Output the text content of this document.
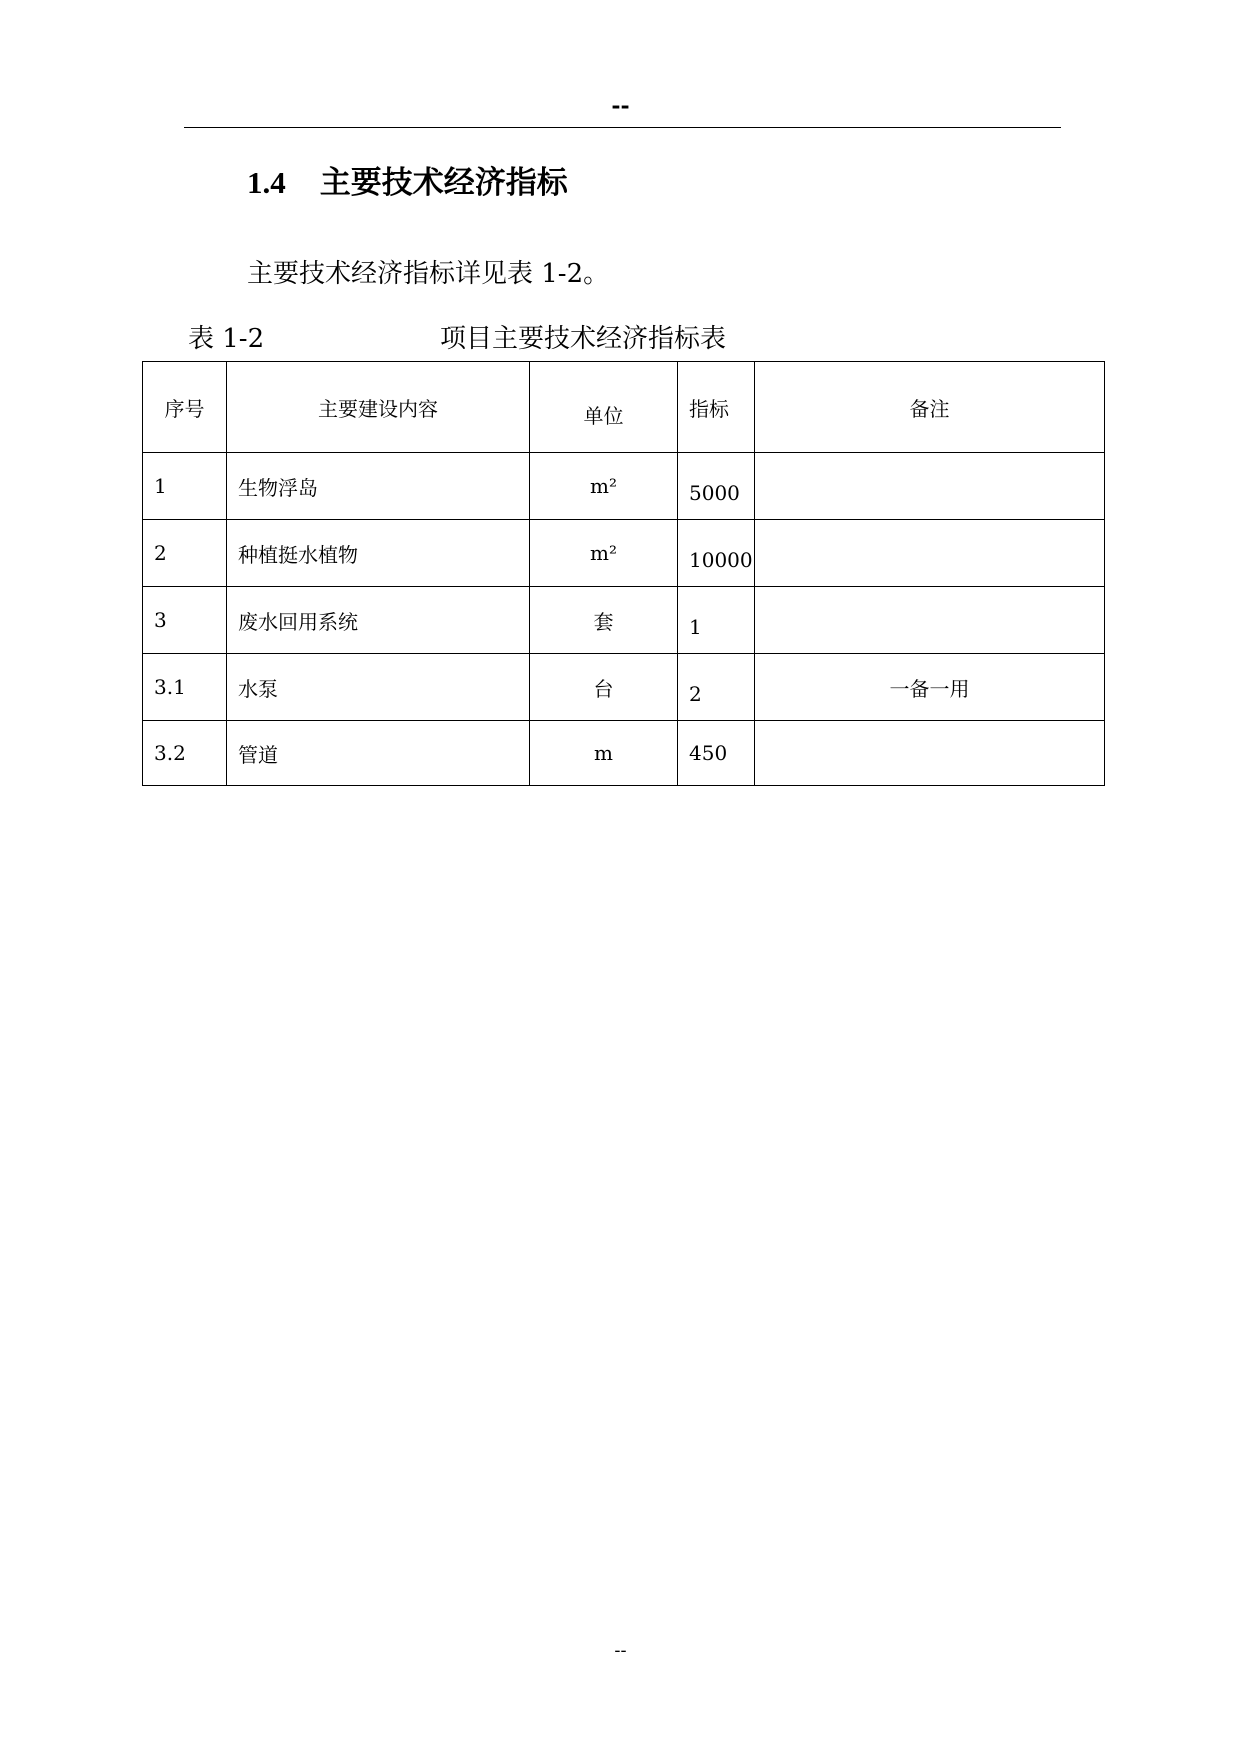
--
1.4 主要技术经济指标
主要技术经济指标详见表 1-2。
表 1-2	项目主要技术经济指标表
序号	主要建设内容	单位	指标	备注
1	生物浮岛	m²	5000	
2	种植挺水植物	m²	10000	
3	废水回用系统	套	1	
3.1	水泵	台	2	一备一用
3.2	管道	m	450	
--
